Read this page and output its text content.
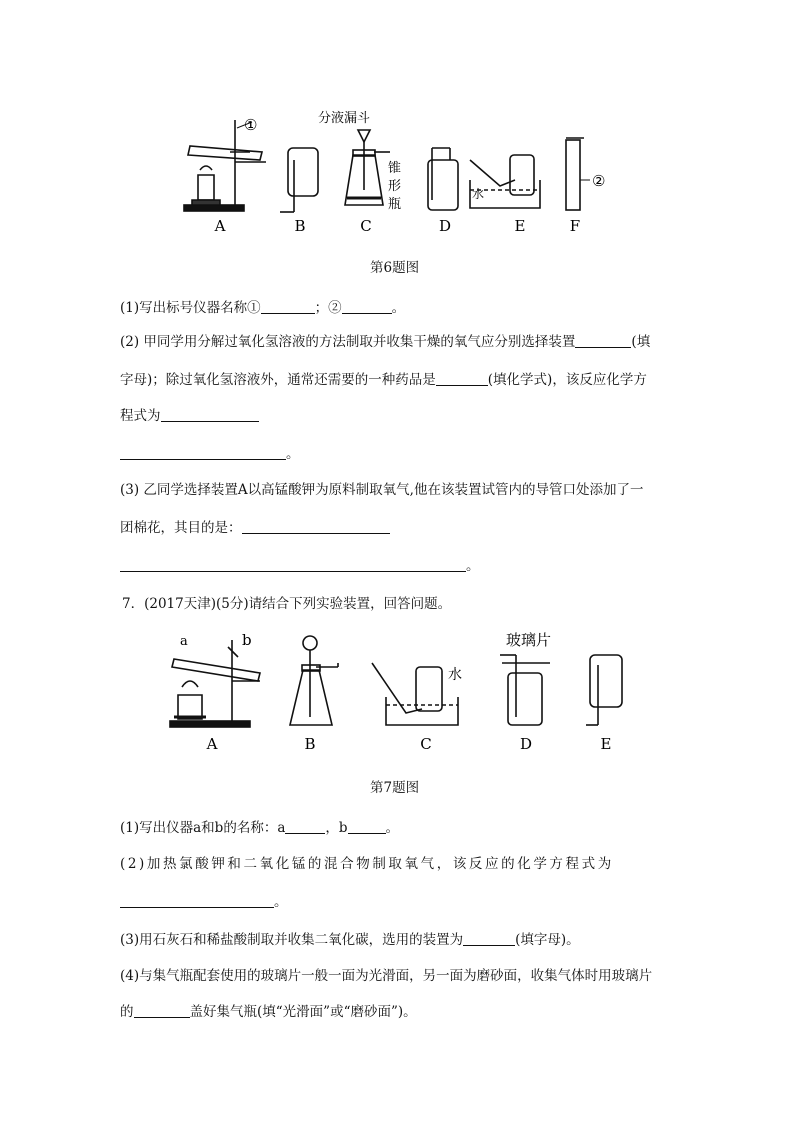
①
②
分液漏斗
锥
形
瓶
水
A	B	C	D	E	F
第6题图
(1)写出标号仪器名称①	；②	。
(2) 甲同学用分解过氧化氢溶液的方法制取并收集干燥的氧气应分别选择装置	(填
字母)；除过氧化氢溶液外，通常还需要的一种药品是	(填化学式)，该反应化学方
程式为
。
(3) 乙同学选择装置A以高锰酸钾为原料制取氧气,他在该装置试管内的导管口处添加了一
团棉花，其目的是：
。
7．(2017天津)(5分)请结合下列实验装置，回答问题。
a	b
水
玻璃片
A	B	C	D	E
第7题图
(1)写出仪器a和b的名称：a	，b	。
(2)加热氯酸钾和二氧化锰的混合物制取氧气，该反应的化学方程式为
。
(3)用石灰石和稀盐酸制取并收集二氧化碳，选用的装置为	(填字母)。
(4)与集气瓶配套使用的玻璃片一般一面为光滑面，另一面为磨砂面，收集气体时用玻璃片
的	盖好集气瓶(填“光滑面”或“磨砂面”)。
